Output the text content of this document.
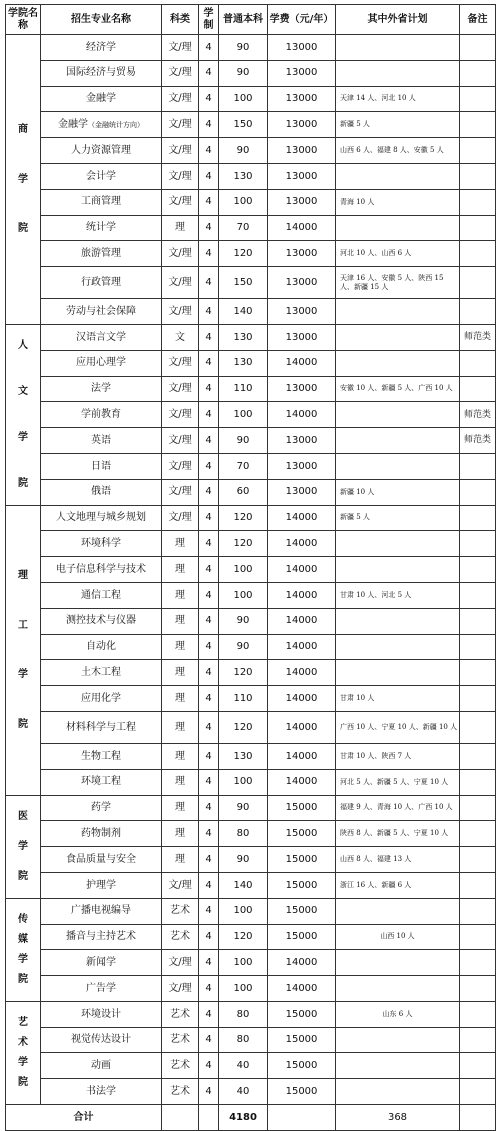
学院名称	招生专业名称	科类	学制	普通本科	学费（元/年）	其中外省计划	备注

商
学
院	经济学	文/理	4	90	13000		
	国际经济与贸易	文/理	4	90	13000		
	金融学	文/理	4	100	13000	天津 14 人、河北 10 人	
	金融学（金融统计方向）	文/理	4	150	13000	新疆 5 人	
	人力资源管理	文/理	4	90	13000	山西 6 人、福建 8 人、安徽 5 人	
	会计学	文/理	4	130	13000		
	工商管理	文/理	4	100	13000	青海 10 人	
	统计学	理	4	70	14000		
	旅游管理	文/理	4	120	13000	河北 10 人、山西 6 人	
	行政管理	文/理	4	150	13000	天津 16 人、安徽 5 人、陕西 15 人、新疆 15 人	
	劳动与社会保障	文/理	4	140	13000		

人
文
学
院	汉语言文学	文	4	130	13000		师范类
	应用心理学	文/理	4	130	14000		
	法学	文/理	4	110	13000	安徽 10 人、新疆 5 人、广西 10 人	
	学前教育	文/理	4	100	14000		师范类
	英语	文/理	4	90	13000		师范类
	日语	文/理	4	70	13000		
	俄语	文/理	4	60	13000	新疆 10 人	

理
工
学
院	人文地理与城乡规划	文/理	4	120	14000	新疆 5 人	
	环境科学	理	4	120	14000		
	电子信息科学与技术	理	4	100	14000		
	通信工程	理	4	100	14000	甘肃 10 人、河北 5 人	
	测控技术与仪器	理	4	90	14000		
	自动化	理	4	90	14000		
	土木工程	理	4	120	14000		
	应用化学	理	4	110	14000	甘肃 10 人	
	材料科学与工程	理	4	120	14000	广西 10 人、宁夏 10 人、新疆 10 人	
	生物工程	理	4	130	14000	甘肃 10 人、陕西 7 人	
	环境工程	理	4	100	14000	河北 5 人、新疆 5 人、宁夏 10 人	

医
学
院	药学	理	4	90	15000	福建 9 人、青海 10 人、广西 10 人	
	药物制剂	理	4	80	15000	陕西 8 人、新疆 5 人、宁夏 10 人	
	食品质量与安全	理	4	90	15000	山西 8 人、福建 13 人	
	护理学	文/理	4	140	15000	浙江 16 人、新疆 6 人	

传
媒
学
院	广播电视编导	艺术	4	100	15000		
	播音与主持艺术	艺术	4	120	15000	山西 10 人	
	新闻学	文/理	4	100	14000		
	广告学	文/理	4	100	14000		

艺
术
学
院	环境设计	艺术	4	80	15000	山东 6 人	
	视觉传达设计	艺术	4	80	15000		
	动画	艺术	4	40	15000		
	书法学	艺术	4	40	15000		
合计				4180		368	
